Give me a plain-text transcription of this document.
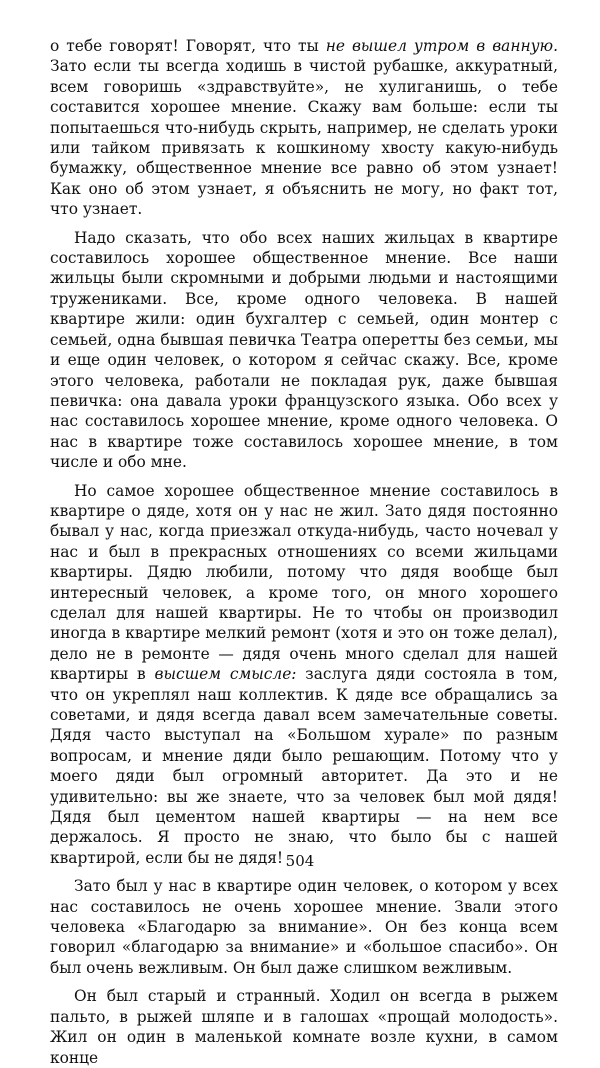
о тебе говорят! Говорят, что ты не вышел утром в ванную. Зато если ты всегда ходишь в чистой рубашке, аккуратный, всем говоришь «здравствуйте», не хулиганишь, о тебе составится хорошее мнение. Скажу вам больше: если ты попытаешься что-нибудь скрыть, например, не сделать уроки или тайком привязать к кошкиному хвосту какую-нибудь бумажку, общественное мнение все равно об этом узнает! Как оно об этом узнает, я объяснить не могу, но факт тот, что узнает.

Надо сказать, что обо всех наших жильцах в квартире составилось хорошее общественное мнение. Все наши жильцы были скромными и добрыми людьми и настоящими тружениками. Все, кроме одного человека. В нашей квартире жили: один бухгалтер с семьей, один монтер с семьей, одна бывшая певичка Театра оперетты без семьи, мы и еще один человек, о котором я сейчас скажу. Все, кроме этого человека, работали не покладая рук, даже бывшая певичка: она давала уроки французского языка. Обо всех у нас составилось хорошее мнение, кроме одного человека. О нас в квартире тоже составилось хорошее мнение, в том числе и обо мне.

Но самое хорошее общественное мнение составилось в квартире о дяде, хотя он у нас не жил. Зато дядя постоянно бывал у нас, когда приезжал откуда-нибудь, часто ночевал у нас и был в прекрасных отношениях со всеми жильцами квартиры. Дядю любили, потому что дядя вообще был интересный человек, а кроме того, он много хорошего сделал для нашей квартиры. Не то чтобы он производил иногда в квартире мелкий ремонт (хотя и это он тоже делал), дело не в ремонте — дядя очень много сделал для нашей квартиры в высшем смысле: заслуга дяди состояла в том, что он укреплял наш коллектив. К дяде все обращались за советами, и дядя всегда давал всем замечательные советы. Дядя часто выступал на «Большом хурале» по разным вопросам, и мнение дяди было решающим. Потому что у моего дяди был огромный авторитет. Да это и не удивительно: вы же знаете, что за человек был мой дядя! Дядя был цементом нашей квартиры — на нем все держалось. Я просто не знаю, что было бы с нашей квартирой, если бы не дядя!

Зато был у нас в квартире один человек, о котором у всех нас составилось не очень хорошее мнение. Звали этого человека «Благодарю за внимание». Он без конца всем говорил «благодарю за внимание» и «большое спасибо». Он был очень вежливым. Он был даже слишком вежливым.

Он был старый и странный. Ходил он всегда в рыжем пальто, в рыжей шляпе и в галошах «прощай молодость». Жил он один в маленькой комнате возле кухни, в самом конце

504
